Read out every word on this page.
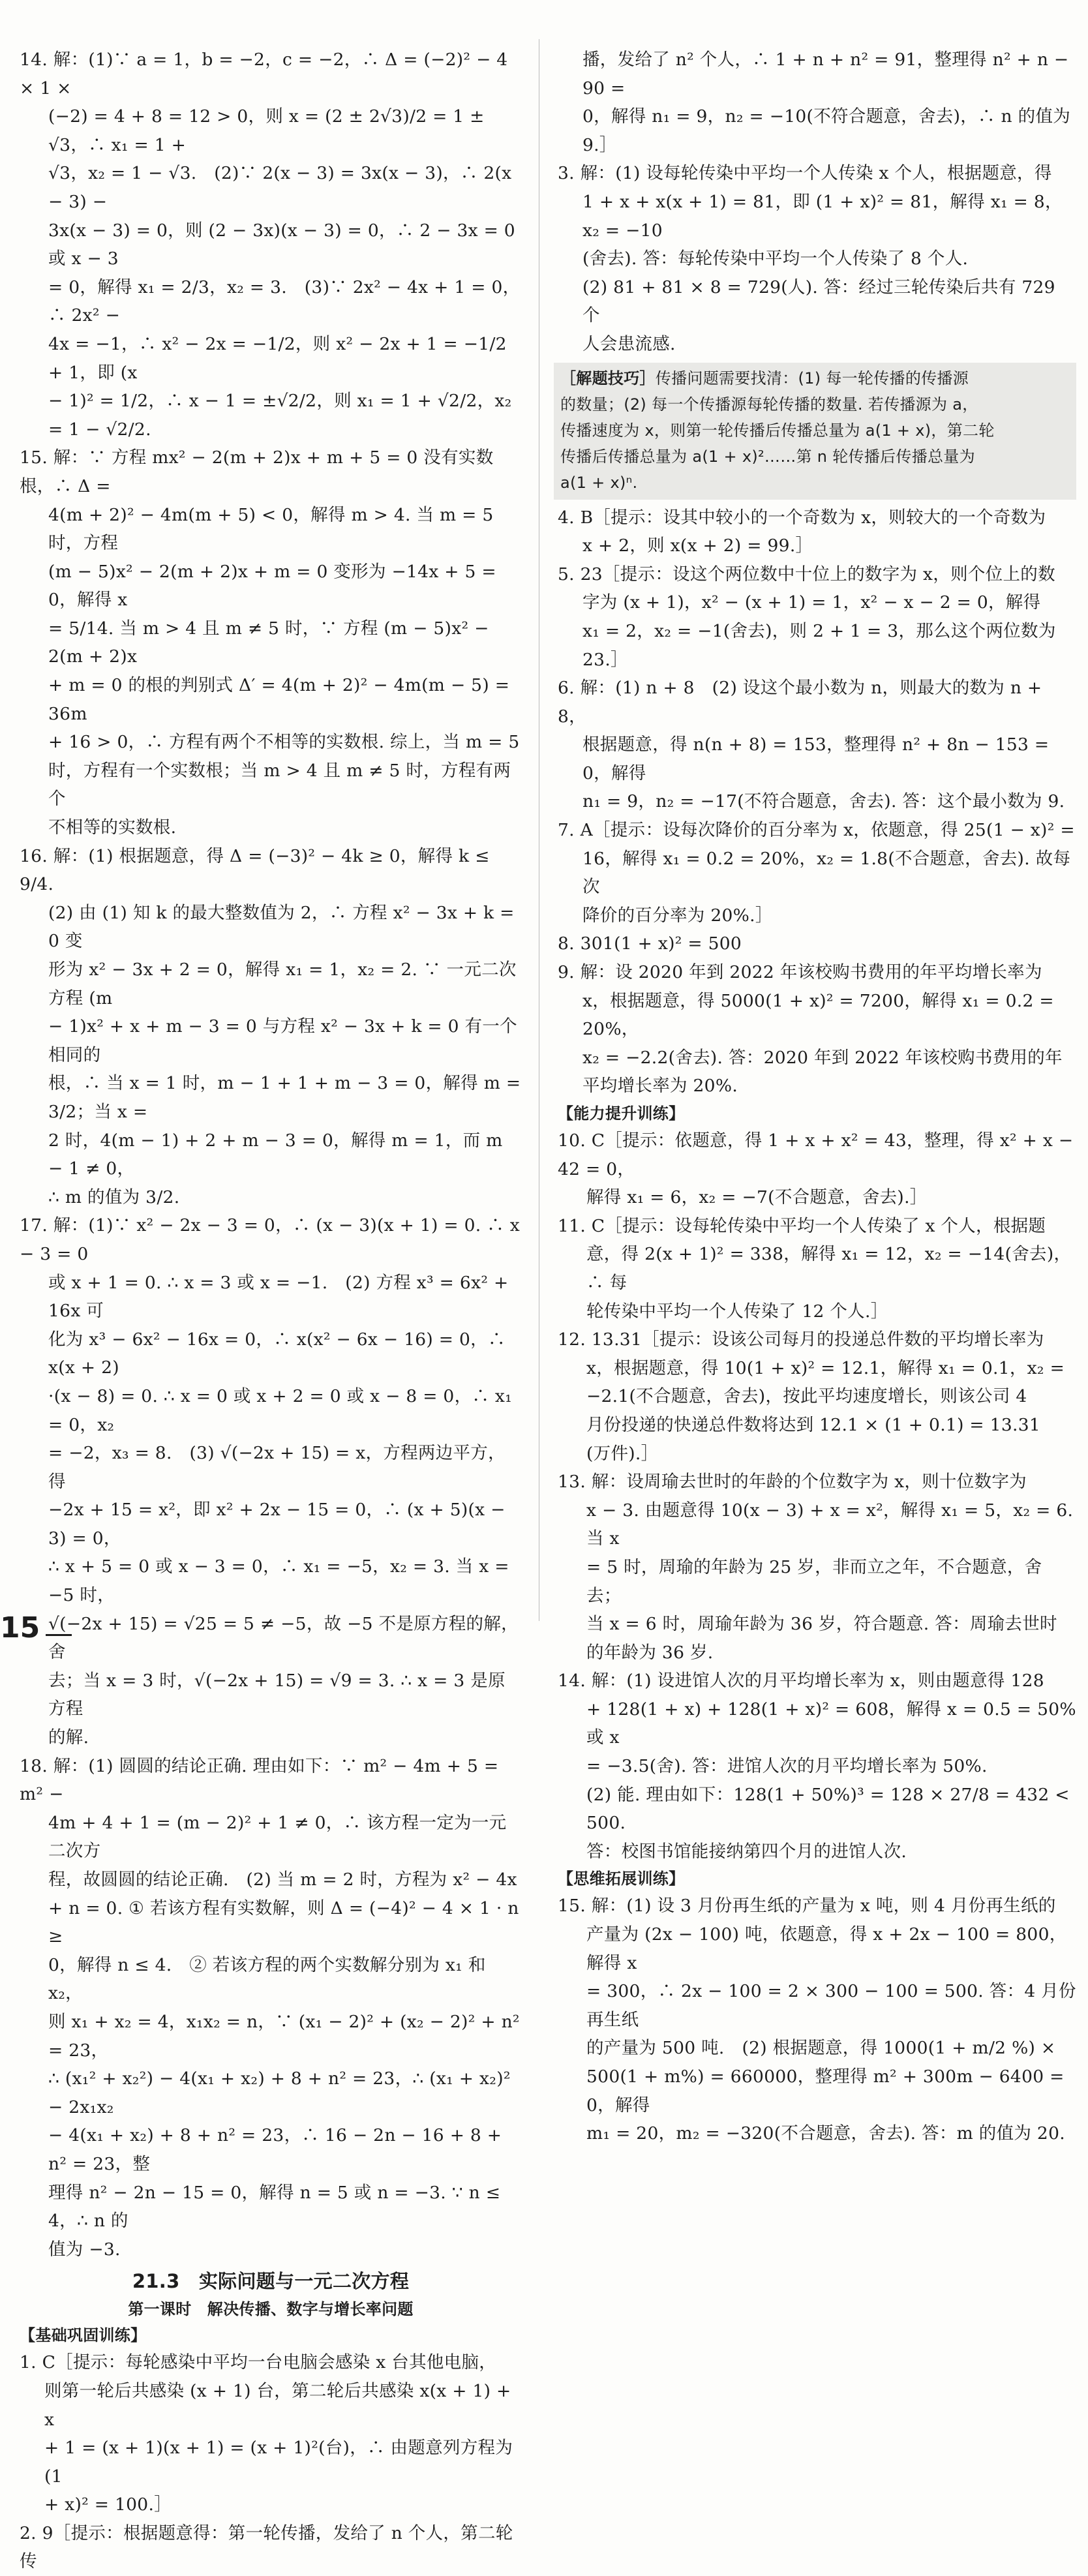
14. 解：(1)∵ a = 1，b = −2，c = −2，∴ Δ = (−2)² − 4 × 1 ×

(−2) = 4 + 8 = 12 > 0，则 x = (2 ± 2√3)/2 = 1 ± √3，∴ x₁ = 1 +

√3，x₂ = 1 − √3.　(2)∵ 2(x − 3) = 3x(x − 3)，∴ 2(x − 3) −

3x(x − 3) = 0，则 (2 − 3x)(x − 3) = 0，∴ 2 − 3x = 0 或 x − 3

= 0，解得 x₁ = 2/3，x₂ = 3.　(3)∵ 2x² − 4x + 1 = 0，∴ 2x² −

4x = −1，∴ x² − 2x = −1/2，则 x² − 2x + 1 = −1/2 + 1，即 (x

− 1)² = 1/2，∴ x − 1 = ±√2/2，则 x₁ = 1 + √2/2，x₂ = 1 − √2/2.

15. 解：∵ 方程 mx² − 2(m + 2)x + m + 5 = 0 没有实数根，∴ Δ =

4(m + 2)² − 4m(m + 5) < 0，解得 m > 4. 当 m = 5 时，方程

(m − 5)x² − 2(m + 2)x + m = 0 变形为 −14x + 5 = 0，解得 x

= 5/14. 当 m > 4 且 m ≠ 5 时，∵ 方程 (m − 5)x² − 2(m + 2)x

+ m = 0 的根的判别式 Δ′ = 4(m + 2)² − 4m(m − 5) = 36m

+ 16 > 0，∴ 方程有两个不相等的实数根. 综上，当 m = 5

时，方程有一个实数根；当 m > 4 且 m ≠ 5 时，方程有两个

不相等的实数根.

16. 解：(1) 根据题意，得 Δ = (−3)² − 4k ≥ 0，解得 k ≤ 9/4.

(2) 由 (1) 知 k 的最大整数值为 2，∴ 方程 x² − 3x + k = 0 变

形为 x² − 3x + 2 = 0，解得 x₁ = 1，x₂ = 2. ∵ 一元二次方程 (m

− 1)x² + x + m − 3 = 0 与方程 x² − 3x + k = 0 有一个相同的

根，∴ 当 x = 1 时，m − 1 + 1 + m − 3 = 0，解得 m = 3/2；当 x =

2 时，4(m − 1) + 2 + m − 3 = 0，解得 m = 1，而 m − 1 ≠ 0，

∴ m 的值为 3/2.

17. 解：(1)∵ x² − 2x − 3 = 0，∴ (x − 3)(x + 1) = 0. ∴ x − 3 = 0

或 x + 1 = 0. ∴ x = 3 或 x = −1.　(2) 方程 x³ = 6x² + 16x 可

化为 x³ − 6x² − 16x = 0，∴ x(x² − 6x − 16) = 0，∴ x(x + 2)

·(x − 8) = 0. ∴ x = 0 或 x + 2 = 0 或 x − 8 = 0，∴ x₁ = 0，x₂

= −2，x₃ = 8.　(3) √(−2x + 15) = x，方程两边平方，得

−2x + 15 = x²，即 x² + 2x − 15 = 0，∴ (x + 5)(x − 3) = 0，

∴ x + 5 = 0 或 x − 3 = 0，∴ x₁ = −5，x₂ = 3. 当 x = −5 时，

√(−2x + 15) = √25 = 5 ≠ −5，故 −5 不是原方程的解，舍

去；当 x = 3 时，√(−2x + 15) = √9 = 3. ∴ x = 3 是原方程

的解.

18. 解：(1) 圆圆的结论正确. 理由如下：∵ m² − 4m + 5 = m² −

4m + 4 + 1 = (m − 2)² + 1 ≠ 0，∴ 该方程一定为一元二次方

程，故圆圆的结论正确.　(2) 当 m = 2 时，方程为 x² − 4x

+ n = 0. ① 若该方程有实数解，则 Δ = (−4)² − 4 × 1 · n ≥

0，解得 n ≤ 4.　② 若该方程的两个实数解分别为 x₁ 和 x₂，

则 x₁ + x₂ = 4，x₁x₂ = n，∵ (x₁ − 2)² + (x₂ − 2)² + n² = 23，

∴ (x₁² + x₂²) − 4(x₁ + x₂) + 8 + n² = 23，∴ (x₁ + x₂)² − 2x₁x₂

− 4(x₁ + x₂) + 8 + n² = 23，∴ 16 − 2n − 16 + 8 + n² = 23，整

理得 n² − 2n − 15 = 0，解得 n = 5 或 n = −3. ∵ n ≤ 4，∴ n 的

值为 −3.

21.3　实际问题与一元二次方程
第一课时　解决传播、数字与增长率问题
【基础巩固训练】

1. C［提示：每轮感染中平均一台电脑会感染 x 台其他电脑，

则第一轮后共感染 (x + 1) 台，第二轮后共感染 x(x + 1) + x

+ 1 = (x + 1)(x + 1) = (x + 1)²(台)，∴ 由题意列方程为 (1

+ x)² = 100.］

2. 9［提示：根据题意得：第一轮传播，发给了 n 个人，第二轮传

播，发给了 n² 个人，∴ 1 + n + n² = 91，整理得 n² + n − 90 =

0，解得 n₁ = 9，n₂ = −10(不符合题意，舍去)，∴ n 的值为 9.］

3. 解：(1) 设每轮传染中平均一个人传染 x 个人，根据题意，得

1 + x + x(x + 1) = 81，即 (1 + x)² = 81，解得 x₁ = 8，x₂ = −10

(舍去). 答：每轮传染中平均一个人传染了 8 个人.

(2) 81 + 81 × 8 = 729(人). 答：经过三轮传染后共有 729 个

人会患流感.

［解题技巧］传播问题需要找清：(1) 每一轮传播的传播源
的数量；(2) 每一个传播源每轮传播的数量. 若传播源为 a，
传播速度为 x，则第一轮传播后传播总量为 a(1 + x)，第二轮
传播后传播总量为 a(1 + x)²……第 n 轮传播后传播总量为
a(1 + x)ⁿ.

4. B［提示：设其中较小的一个奇数为 x，则较大的一个奇数为

x + 2，则 x(x + 2) = 99.］

5. 23［提示：设这个两位数中十位上的数字为 x，则个位上的数

字为 (x + 1)，x² − (x + 1) = 1，x² − x − 2 = 0，解得

x₁ = 2，x₂ = −1(舍去)，则 2 + 1 = 3，那么这个两位数为 23.］

6. 解：(1) n + 8　(2) 设这个最小数为 n，则最大的数为 n + 8，

根据题意，得 n(n + 8) = 153，整理得 n² + 8n − 153 = 0，解得

n₁ = 9，n₂ = −17(不符合题意，舍去). 答：这个最小数为 9.

7. A［提示：设每次降价的百分率为 x，依题意，得 25(1 − x)² =

16，解得 x₁ = 0.2 = 20%，x₂ = 1.8(不合题意，舍去). 故每次

降价的百分率为 20%.］

8. 301(1 + x)² = 500

9. 解：设 2020 年到 2022 年该校购书费用的年平均增长率为

x，根据题意，得 5000(1 + x)² = 7200，解得 x₁ = 0.2 = 20%，

x₂ = −2.2(舍去). 答：2020 年到 2022 年该校购书费用的年

平均增长率为 20%.

【能力提升训练】

10. C［提示：依题意，得 1 + x + x² = 43，整理，得 x² + x − 42 = 0，

解得 x₁ = 6，x₂ = −7(不合题意，舍去).］

11. C［提示：设每轮传染中平均一个人传染了 x 个人，根据题

意，得 2(x + 1)² = 338，解得 x₁ = 12，x₂ = −14(舍去)，∴ 每

轮传染中平均一个人传染了 12 个人.］

12. 13.31［提示：设该公司每月的投递总件数的平均增长率为

x，根据题意，得 10(1 + x)² = 12.1，解得 x₁ = 0.1，x₂ =

−2.1(不合题意，舍去)，按此平均速度增长，则该公司 4

月份投递的快递总件数将达到 12.1 × (1 + 0.1) = 13.31

(万件).］

13. 解：设周瑜去世时的年龄的个位数字为 x，则十位数字为

x − 3. 由题意得 10(x − 3) + x = x²，解得 x₁ = 5，x₂ = 6. 当 x

= 5 时，周瑜的年龄为 25 岁，非而立之年，不合题意，舍去；

当 x = 6 时，周瑜年龄为 36 岁，符合题意. 答：周瑜去世时

的年龄为 36 岁.

14. 解：(1) 设进馆人次的月平均增长率为 x，则由题意得 128

+ 128(1 + x) + 128(1 + x)² = 608，解得 x = 0.5 = 50% 或 x

= −3.5(舍). 答：进馆人次的月平均增长率为 50%.

(2) 能. 理由如下：128(1 + 50%)³ = 128 × 27/8 = 432 < 500.

答：校图书馆能接纳第四个月的进馆人次.

【思维拓展训练】

15. 解：(1) 设 3 月份再生纸的产量为 x 吨，则 4 月份再生纸的

产量为 (2x − 100) 吨，依题意，得 x + 2x − 100 = 800，解得 x

= 300，∴ 2x − 100 = 2 × 300 − 100 = 500. 答：4 月份再生纸

的产量为 500 吨.　(2) 根据题意，得 1000(1 + m/2 %) ×

500(1 + m%) = 660000，整理得 m² + 300m − 6400 = 0，解得

m₁ = 20，m₂ = −320(不合题意，舍去). 答：m 的值为 20.

15
